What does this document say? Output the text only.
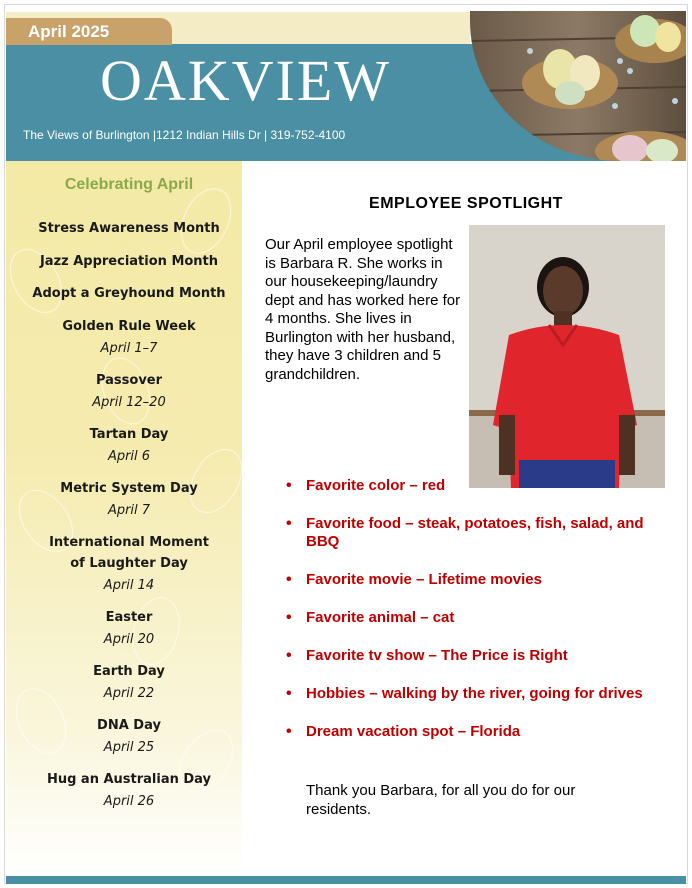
April 2025
OAKVIEW
The Views of Burlington |1212 Indian Hills Dr | 319-752-4100
Celebrating April
Stress Awareness Month
Jazz Appreciation Month
Adopt a Greyhound Month
Golden Rule Week
April 1–7
Passover
April 12–20
Tartan Day
April 6
Metric System Day
April 7
International Moment of Laughter Day
April 14
Easter
April 20
Earth Day
April 22
DNA Day
April 25
Hug an Australian Day
April 26
EMPLOYEE SPOTLIGHT

Our April employee spotlight is Barbara R. She works in our housekeeping/laundry dept and has worked here for 4 months. She lives in Burlington with her husband, they have 3 children and 5 grandchildren.

• Favorite color – red
• Favorite food – steak, potatoes, fish, salad, and BBQ
• Favorite movie – Lifetime movies
• Favorite animal – cat
• Favorite tv show – The Price is Right
• Hobbies – walking by the river, going for drives
• Dream vacation spot – Florida

Thank you Barbara, for all you do for our residents.
